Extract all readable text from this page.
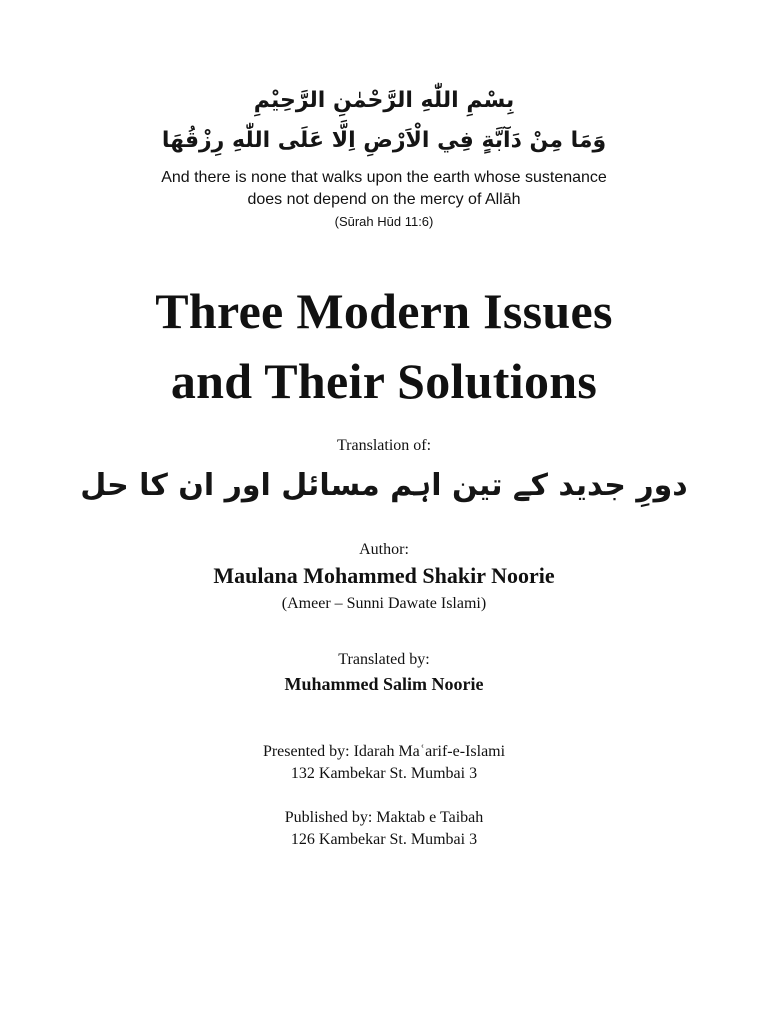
بِسْمِ اللّٰهِ الرَّحْمٰنِ الرَّحِيْمِ
وَمَا مِنْ دَآبَّةٍ فِي الْاَرْضِ اِلَّا عَلَى اللّٰهِ رِزْقُهَا
And there is none that walks upon the earth whose sustenance
does not depend on the mercy of Allāh
(Sūrah Hūd 11:6)
Three Modern Issues
and Their Solutions
Translation of:
دورِ جدید کے تین اہم مسائل اور ان کا حل
Author:
Maulana Mohammed Shakir Noorie
(Ameer – Sunni Dawate Islami)
Translated by:
Muhammed Salim Noorie
Presented by: Idarah Maʿarif-e-Islami
132 Kambekar St. Mumbai 3
Published by: Maktab e Taibah
126 Kambekar St. Mumbai 3
